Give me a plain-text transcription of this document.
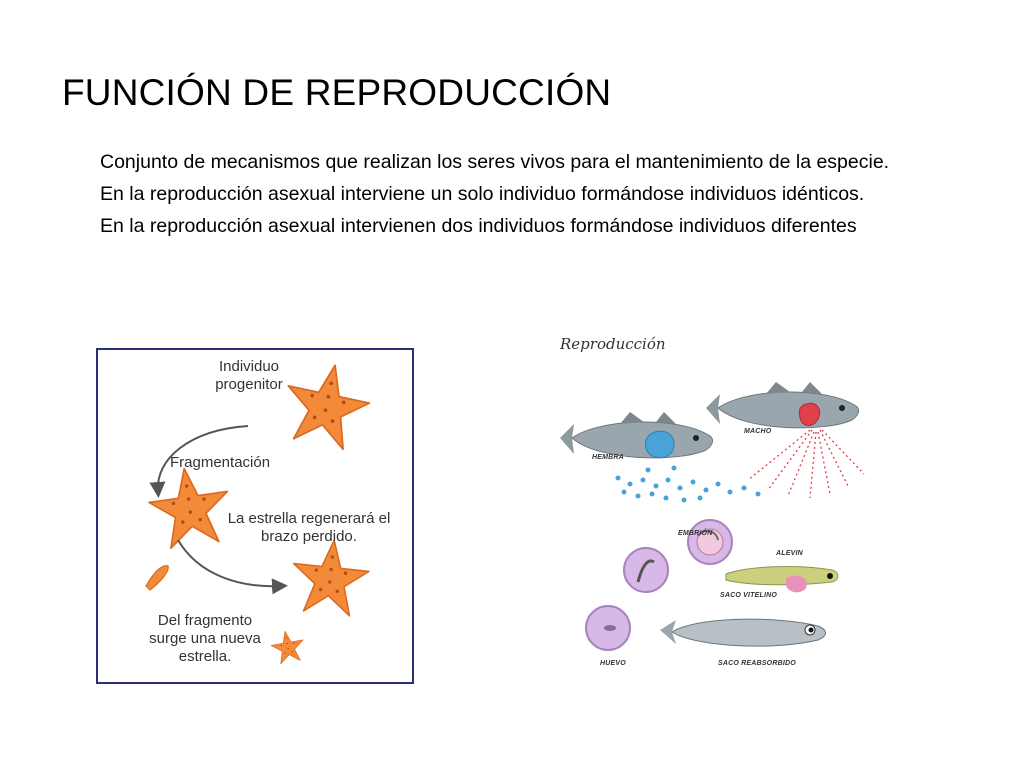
FUNCIÓN DE REPRODUCCIÓN

Conjunto de mecanismos que realizan los seres vivos para el mantenimiento de la especie.

En la reproducción asexual interviene un solo individuo formándose individuos idénticos.

En la reproducción asexual intervienen dos individuos formándose individuos diferentes

Individuo progenitor
Fragmentación
La estrella regenerará el brazo perdido.
Del fragmento surge una nueva estrella.
Reproducción
HEMBRA
MACHO
EMBRIÓN
ALEVIN
SACO VITELINO
HUEVO	SACO REABSORBIDO
